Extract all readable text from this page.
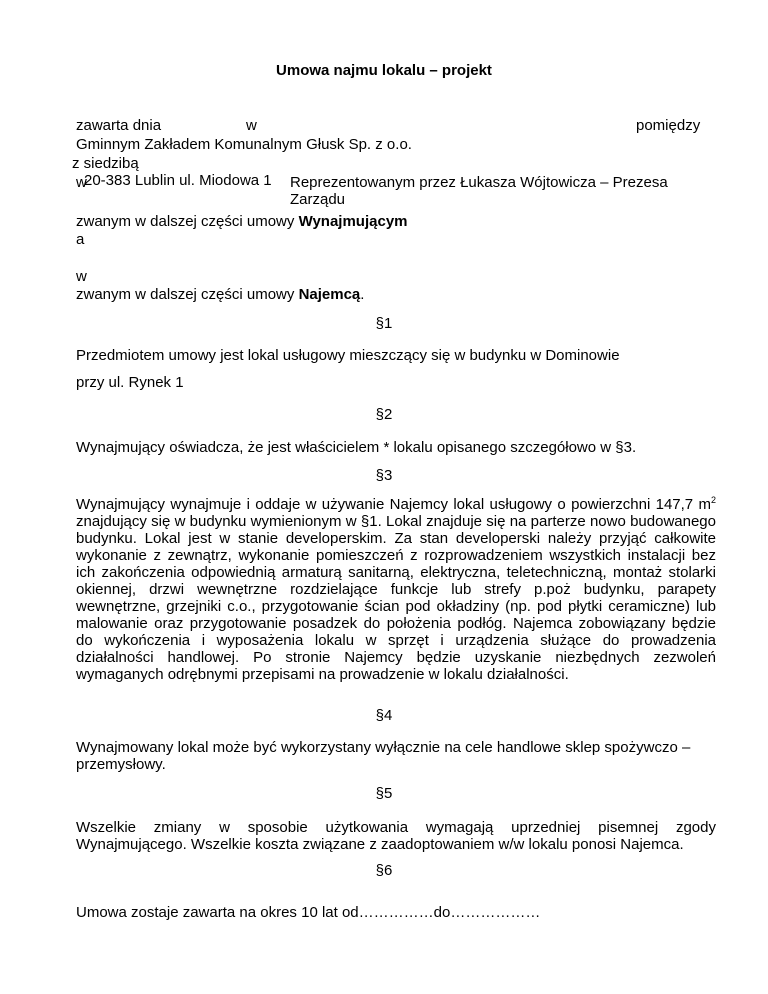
Umowa najmu lokalu – projekt
zawarta dnia	w	pomiędzy
Gminnym Zakładem Komunalnym Głusk Sp. z o.o.
z siedzibą
w
20-383 Lublin ul. Miodowa 1 Reprezentowanym przez Łukasza Wójtowicza – Prezesa
Zarządu
zwanym w dalszej części umowy Wynajmującym
a
w
zwanym w dalszej części umowy Najemcą.
§1
Przedmiotem umowy jest lokal usługowy mieszczący się w budynku w Dominowie
przy ul. Rynek 1
§2
Wynajmujący oświadcza, że jest właścicielem * lokalu opisanego szczegółowo w §3.
§3
Wynajmujący wynajmuje i oddaje w używanie Najemcy lokal usługowy o powierzchni 147,7 $m^2$ znajdujący się w budynku wymienionym w §1. Lokal znajduje się na parterze nowo budowanego budynku. Lokal jest w stanie developerskim. Za stan developerski należy przyjąć całkowite wykonanie z zewnątrz, wykonanie pomieszczeń z rozprowadzeniem wszystkich instalacji bez ich zakończenia odpowiednią armaturą sanitarną, elektryczna, teletechniczną, montaż stolarki okiennej, drzwi wewnętrzne rozdzielające funkcje lub strefy p.poż budynku, parapety wewnętrzne, grzejniki c.o., przygotowanie ścian pod okładziny (np. pod płytki ceramiczne) lub malowanie oraz przygotowanie posadzek do położenia podłóg. Najemca zobowiązany będzie do wykończenia i wyposażenia lokalu w sprzęt i urządzenia służące do prowadzenia działalności handlowej. Po stronie Najemcy będzie uzyskanie niezbędnych zezwoleń wymaganych odrębnymi przepisami na prowadzenie w lokalu działalności.
§4
Wynajmowany lokal może być wykorzystany wyłącznie na cele handlowe sklep spożywczo – przemysłowy.
§5
Wszelkie zmiany w sposobie użytkowania wymagają uprzedniej pisemnej zgody Wynajmującego. Wszelkie koszta związane z zaadoptowaniem w/w lokalu ponosi Najemca.
§6
Umowa zostaje zawarta na okres 10 lat od……………do………………
